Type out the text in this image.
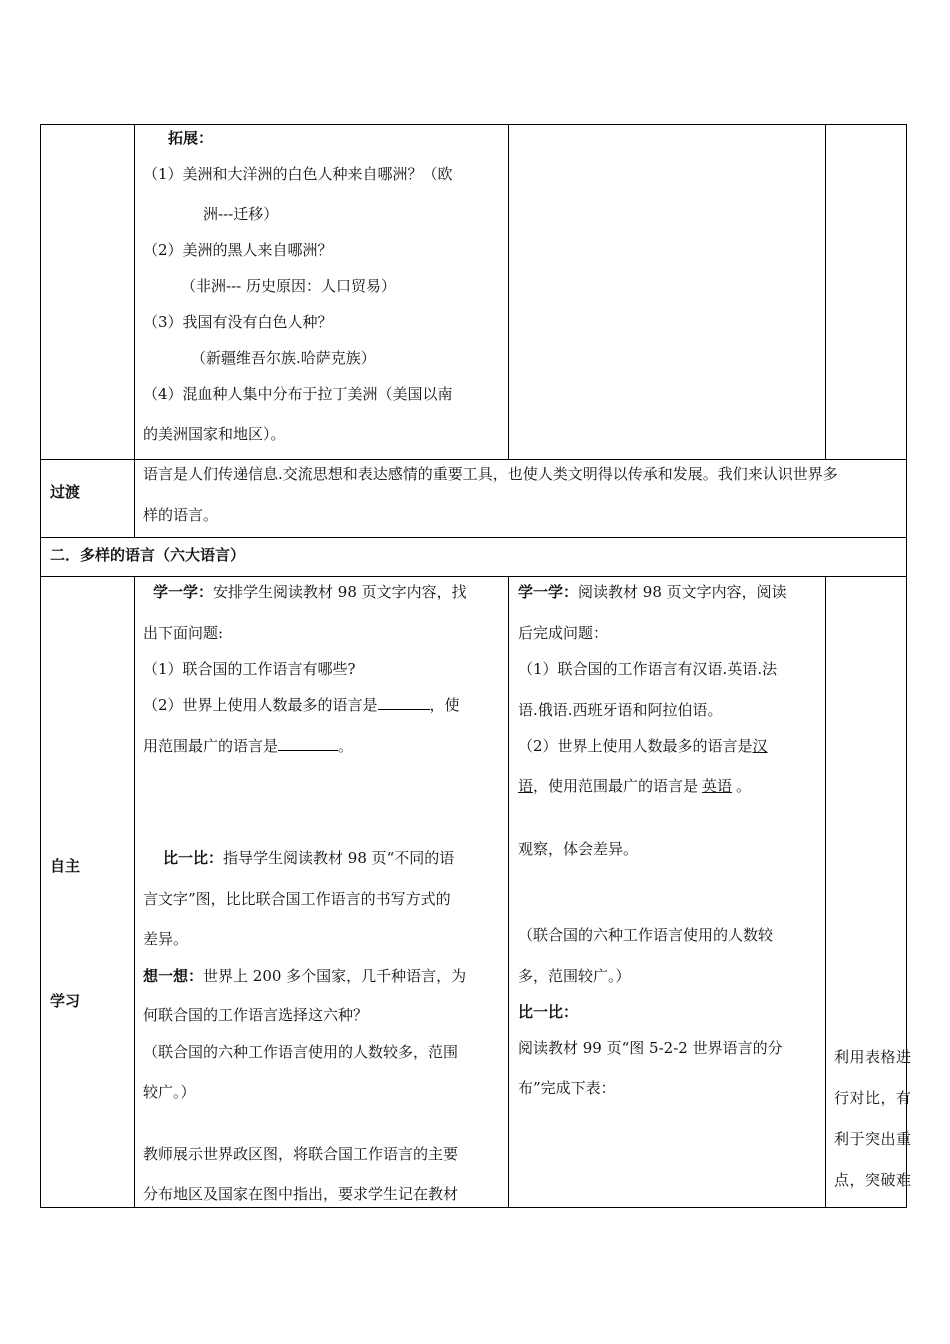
拓展：
（1）美洲和大洋洲的白色人种来自哪洲？（欧
洲---迁移）
（2）美洲的黑人来自哪洲？
（非洲--- 历史原因：人口贸易）
（3）我国有没有白色人种？
（新疆维吾尔族.哈萨克族）
（4）混血种人集中分布于拉丁美洲（美国以南
的美洲国家和地区）。
过渡
语言是人们传递信息.交流思想和表达感情的重要工具，也使人类文明得以传承和发展。我们来认识世界多
样的语言。
二．多样的语言（六大语言）
自主
学习
学一学：安排学生阅读教材 98 页文字内容，找
出下面问题:
（1）联合国的工作语言有哪些?
（2）世界上使用人数最多的语言是	，使
用范围最广的语言是	。
比一比：指导学生阅读教材 98 页“不同的语
言文字”图，比比联合国工作语言的书写方式的
差异。
想一想：世界上 200 多个国家，几千种语言，为
何联合国的工作语言选择这六种？
（联合国的六种工作语言使用的人数较多，范围
较广。）
教师展示世界政区图，将联合国工作语言的主要
分布地区及国家在图中指出，要求学生记在教材
学一学：阅读教材 98 页文字内容，阅读
后完成问题：
（1）联合国的工作语言有汉语.英语.法
语.俄语.西班牙语和阿拉伯语。
（2）世界上使用人数最多的语言是汉
语，使用范围最广的语言是 英语 。
观察，体会差异。
（联合国的六种工作语言使用的人数较
多，范围较广。）
比一比：
阅读教材 99 页“图 5-2-2 世界语言的分
布”完成下表：
利用表格进
行对比，有
利于突出重
点，突破难
